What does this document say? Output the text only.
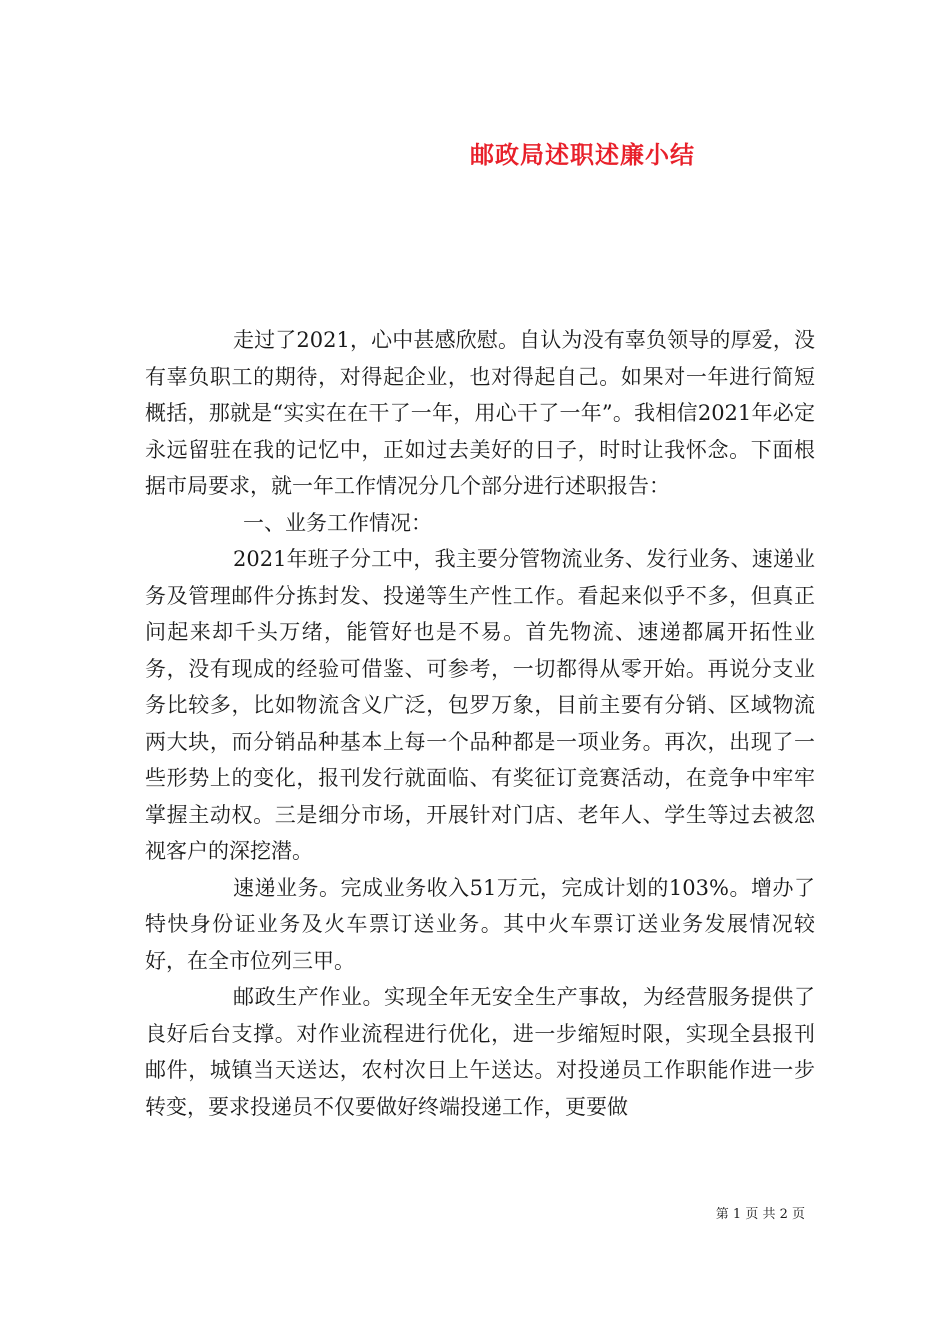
邮政局述职述廉小结

走过了2021，心中甚感欣慰。自认为没有辜负领导的厚爱，没有辜负职工的期待，对得起企业，也对得起自己。如果对一年进行简短概括，那就是“实实在在干了一年，用心干了一年”。我相信2021年必定永远留驻在我的记忆中，正如过去美好的日子，时时让我怀念。下面根据市局要求，就一年工作情况分几个部分进行述职报告：

一、业务工作情况：

2021年班子分工中，我主要分管物流业务、发行业务、速递业务及管理邮件分拣封发、投递等生产性工作。看起来似乎不多，但真正问起来却千头万绪，能管好也是不易。首先物流、速递都属开拓性业务，没有现成的经验可借鉴、可参考，一切都得从零开始。再说分支业务比较多，比如物流含义广泛，包罗万象，目前主要有分销、区域物流两大块，而分销品种基本上每一个品种都是一项业务。再次，出现了一些形势上的变化，报刊发行就面临、有奖征订竞赛活动，在竞争中牢牢掌握主动权。三是细分市场，开展针对门店、老年人、学生等过去被忽视客户的深挖潜。

速递业务。完成业务收入51万元，完成计划的103%。增办了特快身份证业务及火车票订送业务。其中火车票订送业务发展情况较好，在全市位列三甲。

邮政生产作业。实现全年无安全生产事故，为经营服务提供了良好后台支撑。对作业流程进行优化，进一步缩短时限，实现全县报刊邮件，城镇当天送达，农村次日上午送达。对投递员工作职能作进一步转变，要求投递员不仅要做好终端投递工作，更要做

第 1 页 共 2 页
